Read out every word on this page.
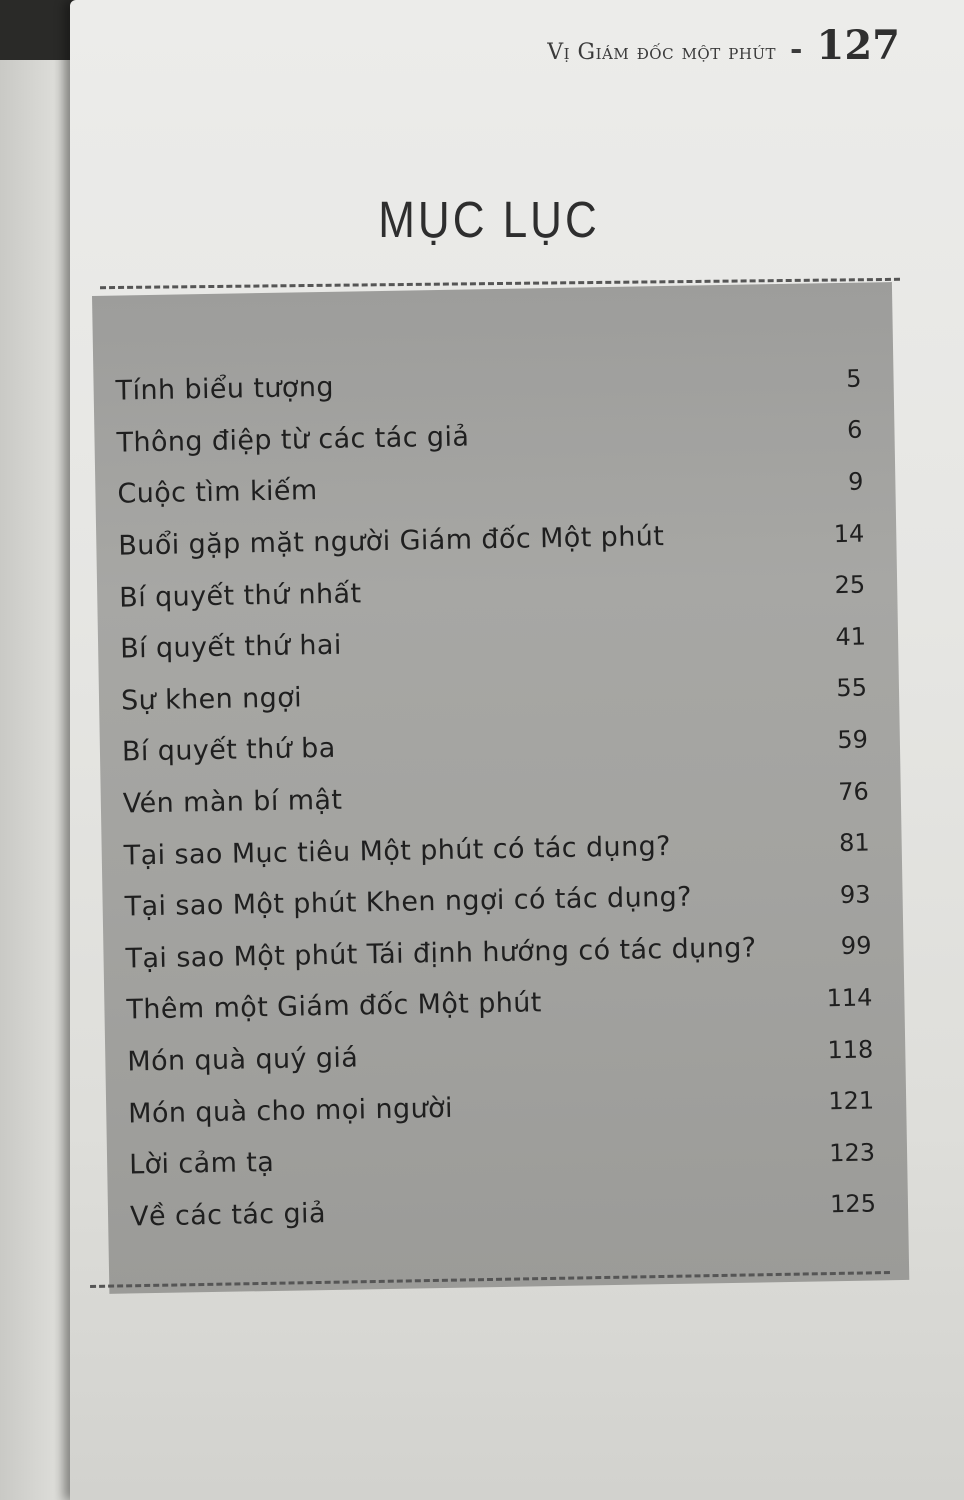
Vị Giám đốc một phút - 127
MỤC LỤC
Tính biểu tượng	5
Thông điệp từ các tác giả	6
Cuộc tìm kiếm	9
Buổi gặp mặt người Giám đốc Một phút	14
Bí quyết thứ nhất	25
Bí quyết thứ hai	41
Sự khen ngợi	55
Bí quyết thứ ba	59
Vén màn bí mật	76
Tại sao Mục tiêu Một phút có tác dụng?	81
Tại sao Một phút Khen ngợi có tác dụng?	93
Tại sao Một phút Tái định hướng có tác dụng?	99
Thêm một Giám đốc Một phút	114
Món quà quý giá	118
Món quà cho mọi người	121
Lời cảm tạ	123
Về các tác giả	125
